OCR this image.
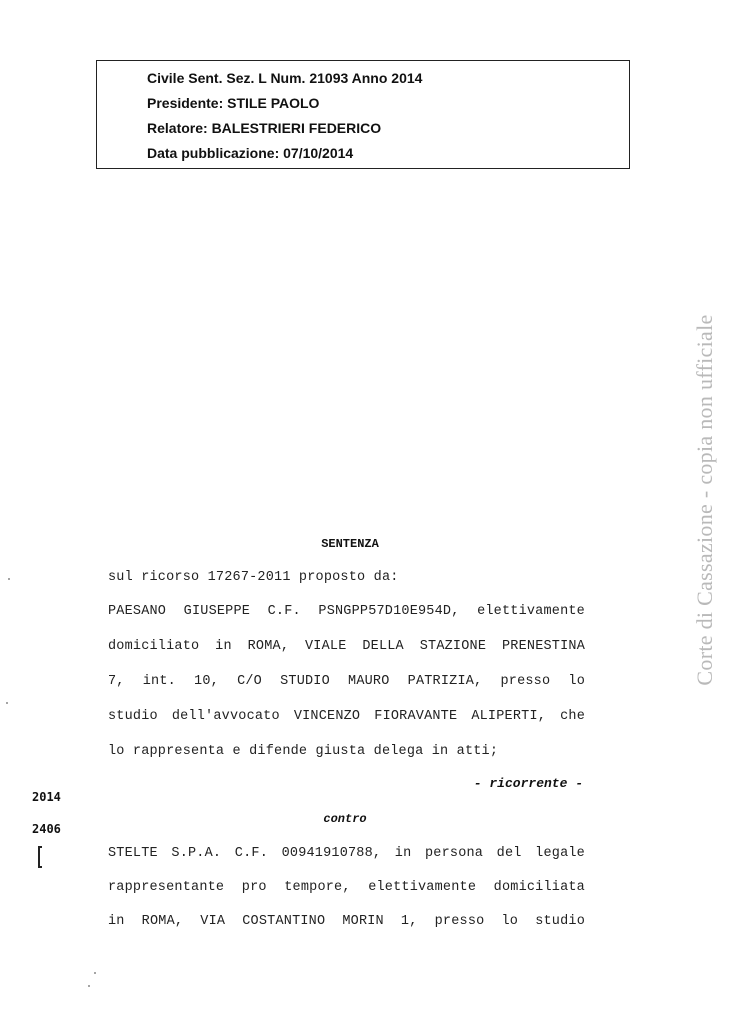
Civile Sent. Sez. L Num. 21093 Anno 2014
Presidente: STILE PAOLO
Relatore: BALESTRIERI FEDERICO
Data pubblicazione: 07/10/2014
Corte di Cassazione - copia non ufficiale
SENTENZA
sul ricorso 17267-2011 proposto da:
PAESANO GIUSEPPE C.F. PSNGPP57D10E954D, elettivamente
domiciliato in ROMA, VIALE DELLA STAZIONE PRENESTINA
7, int. 10, C/O STUDIO MAURO PATRIZIA, presso lo
studio dell'avvocato VINCENZO FIORAVANTE ALIPERTI, che
lo rappresenta e difende giusta delega in atti;
- ricorrente -
contro
STELTE S.P.A. C.F. 00941910788, in persona del legale
rappresentante pro tempore, elettivamente domiciliata
in ROMA, VIA COSTANTINO MORIN 1, presso lo studio
2014
2406
